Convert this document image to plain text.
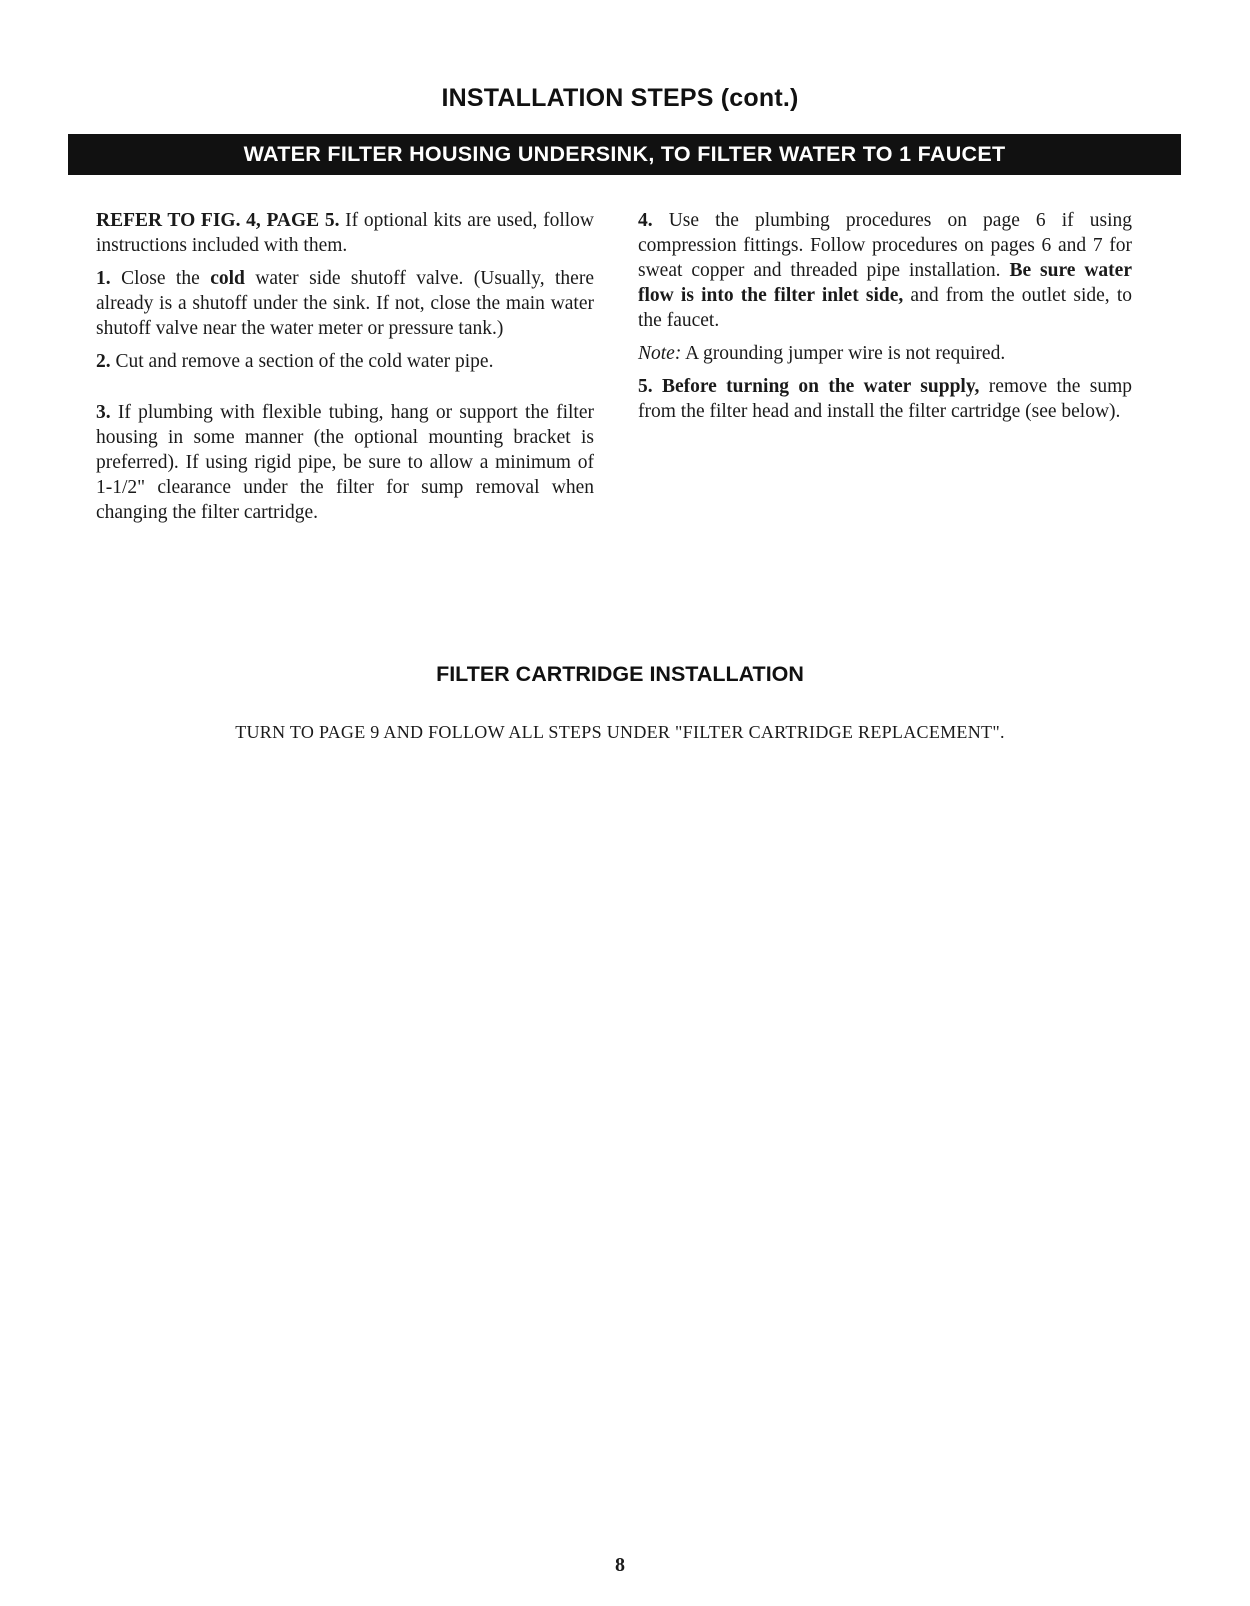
INSTALLATION STEPS (cont.)
WATER FILTER HOUSING UNDERSINK, TO FILTER WATER TO 1 FAUCET

REFER TO FIG. 4, PAGE 5. If optional kits are used, follow instructions included with them.

1. Close the cold water side shutoff valve. (Usually, there already is a shutoff under the sink. If not, close the main water shutoff valve near the water meter or pressure tank.)

2. Cut and remove a section of the cold water pipe.

3. If plumbing with flexible tubing, hang or support the filter housing in some manner (the optional mounting bracket is preferred). If using rigid pipe, be sure to allow a minimum of 1-1/2" clearance under the filter for sump removal when changing the filter cartridge.

4. Use the plumbing procedures on page 6 if using compression fittings. Follow procedures on pages 6 and 7 for sweat copper and threaded pipe installation. Be sure water flow is into the filter inlet side, and from the outlet side, to the faucet.

Note: A grounding jumper wire is not required.

5. Before turning on the water supply, remove the sump from the filter head and install the filter cartridge (see below).

FILTER CARTRIDGE INSTALLATION
TURN TO PAGE 9 AND FOLLOW ALL STEPS UNDER "FILTER CARTRIDGE REPLACEMENT".
8
